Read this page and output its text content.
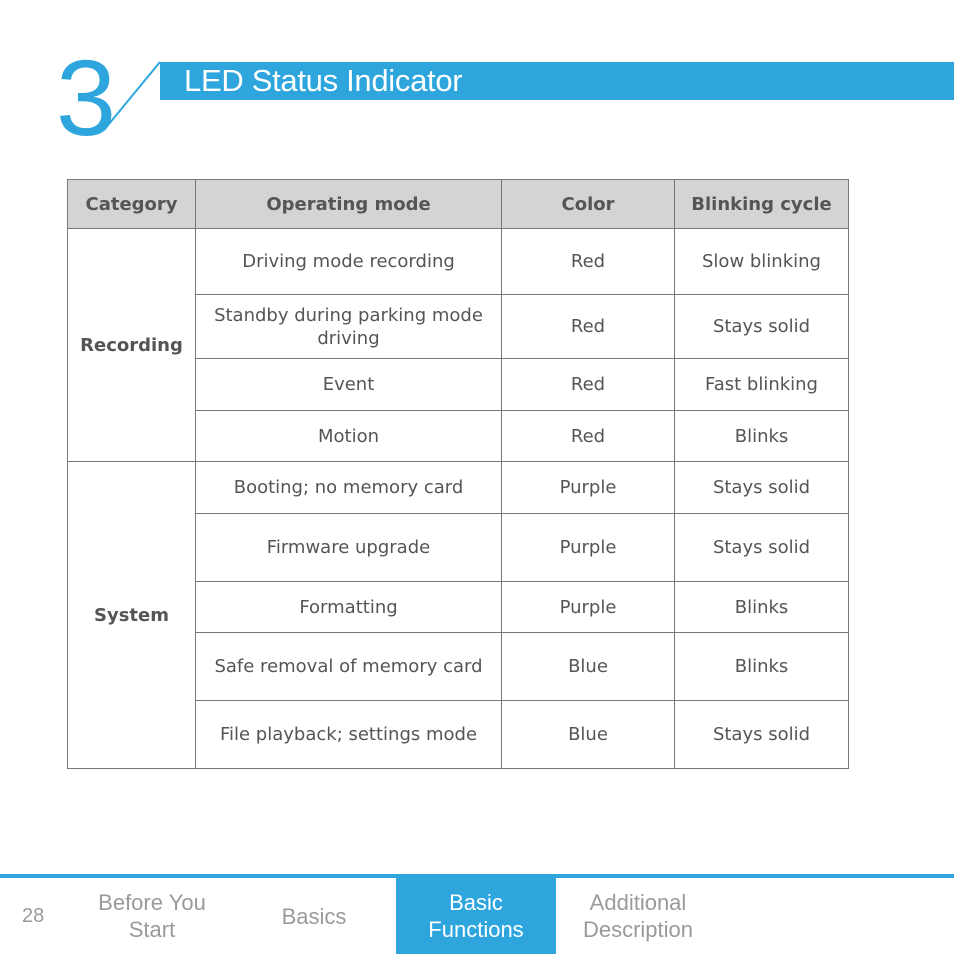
3 LED Status Indicator
Category	Operating mode	Color	Blinking cycle
Recording	Driving mode recording	Red	Slow blinking
	Standby during parking mode driving	Red	Stays solid
	Event	Red	Fast blinking
	Motion	Red	Blinks
System	Booting; no memory card	Purple	Stays solid
	Firmware upgrade	Purple	Stays solid
	Formatting	Purple	Blinks
	Safe removal of memory card	Blue	Blinks
	File playback; settings mode	Blue	Stays solid
28
Before You
Start
Basics
Basic
Functions
Additional
Description
